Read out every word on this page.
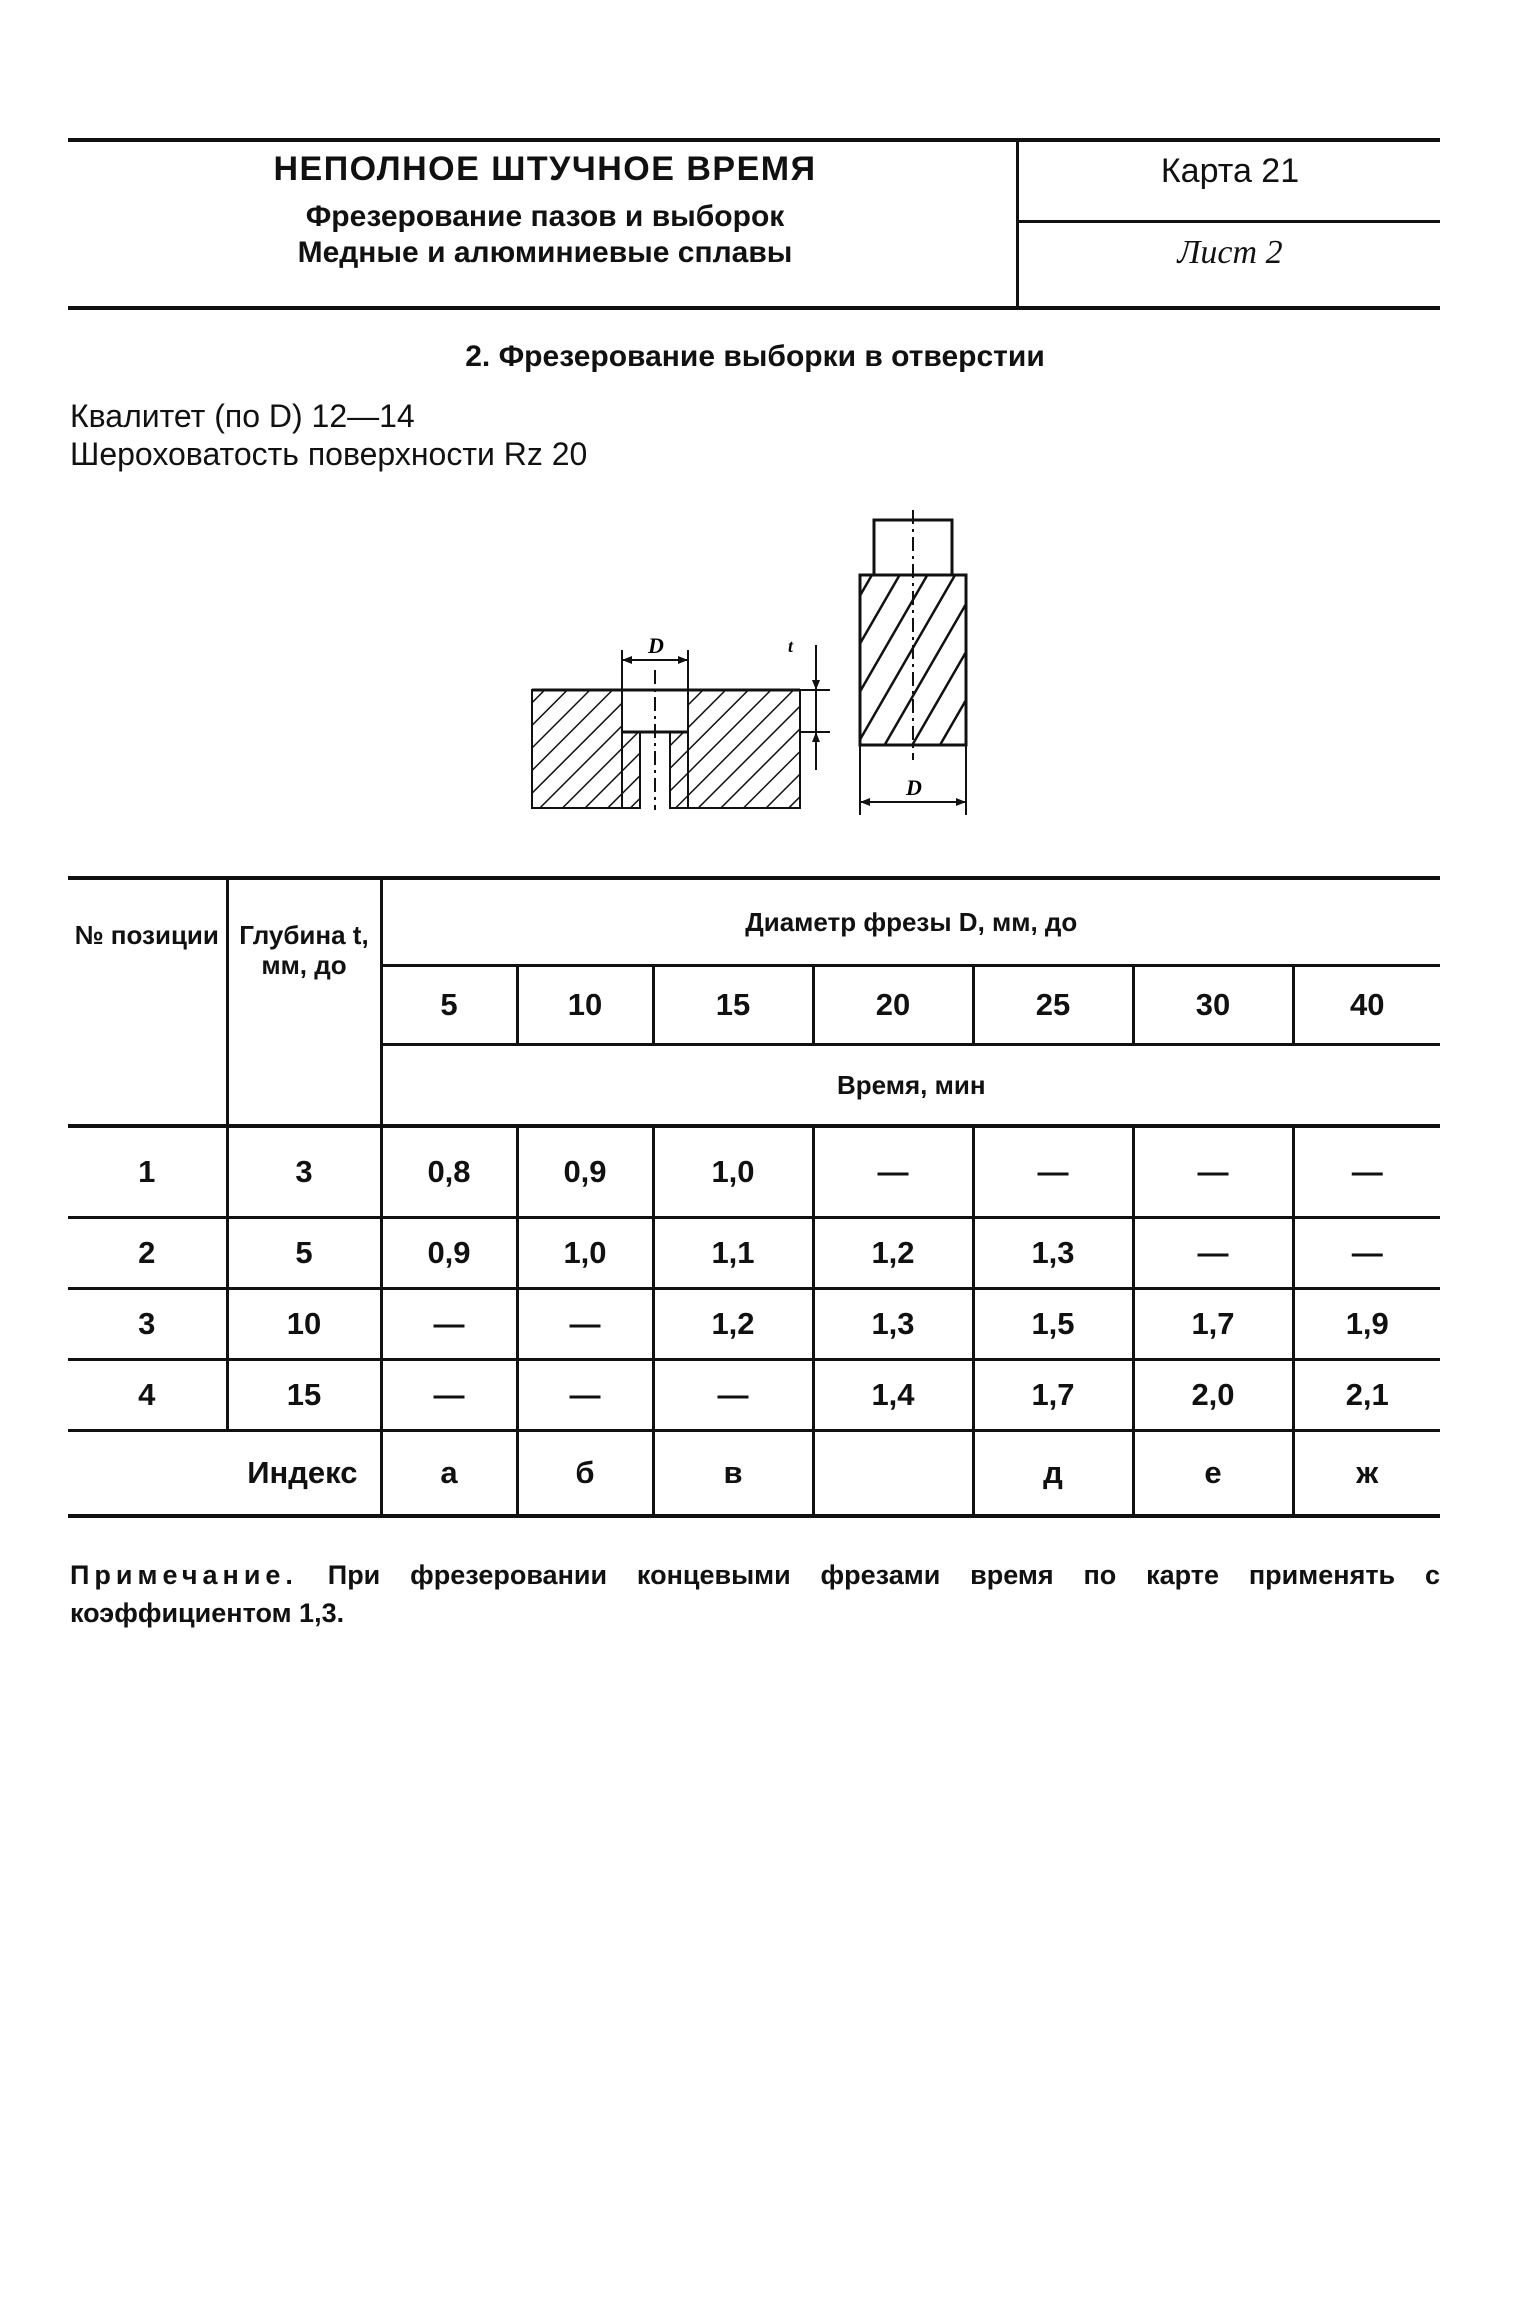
НЕПОЛНОЕ ШТУЧНОЕ ВРЕМЯ
Фрезерование пазов и выборок
Медные и алюминиевые сплавы
Карта 21
Лист 2
2. Фрезерование выборки в отверстии
Квалитет (по D) 12—14
Шероховатость поверхности Rz 20
D	t
D
№ позиции	Глубина t, мм, до	Диаметр фрезы D, мм, до						
		5	10	15	20	25	30	40
		Время, мин						
1	3	0,8	0,9	1,0	—	—	—	—
2	5	0,9	1,0	1,1	1,2	1,3	—	—
3	10	—	—	1,2	1,3	1,5	1,7	1,9
4	15	—	—	—	1,4	1,7	2,0	2,1
Индекс		а	б	в		д	е	ж
Примечание. При фрезеровании концевыми фрезами время по карте применять с коэффициентом 1,3.
